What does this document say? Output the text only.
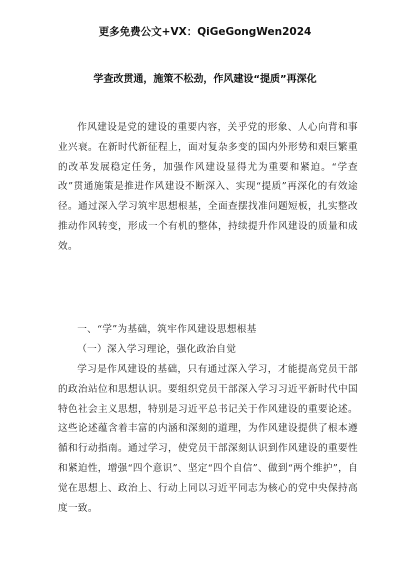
更多免费公文+VX：QiGeGongWen2024
学查改贯通，施策不松劲，作风建设“提质”再深化

作风建设是党的建设的重要内容，关乎党的形象、人心向背和事业兴衰。在新时代新征程上，面对复杂多变的国内外形势和艰巨繁重的改革发展稳定任务，加强作风建设显得尤为重要和紧迫。“学查改”贯通施策是推进作风建设不断深入、实现“提质”再深化的有效途径。通过深入学习筑牢思想根基，全面查摆找准问题短板，扎实整改推动作风转变，形成一个有机的整体，持续提升作风建设的质量和成效。

一、“学”为基础，筑牢作风建设思想根基

（一）深入学习理论，强化政治自觉

学习是作风建设的基础，只有通过深入学习，才能提高党员干部的政治站位和思想认识。要组织党员干部深入学习习近平新时代中国特色社会主义思想，特别是习近平总书记关于作风建设的重要论述。这些论述蕴含着丰富的内涵和深刻的道理，为作风建设提供了根本遵循和行动指南。通过学习，使党员干部深刻认识到作风建设的重要性和紧迫性，增强“四个意识”、坚定“四个自信”、做到“两个维护”，自觉在思想上、政治上、行动上同以习近平同志为核心的党中央保持高度一致。
